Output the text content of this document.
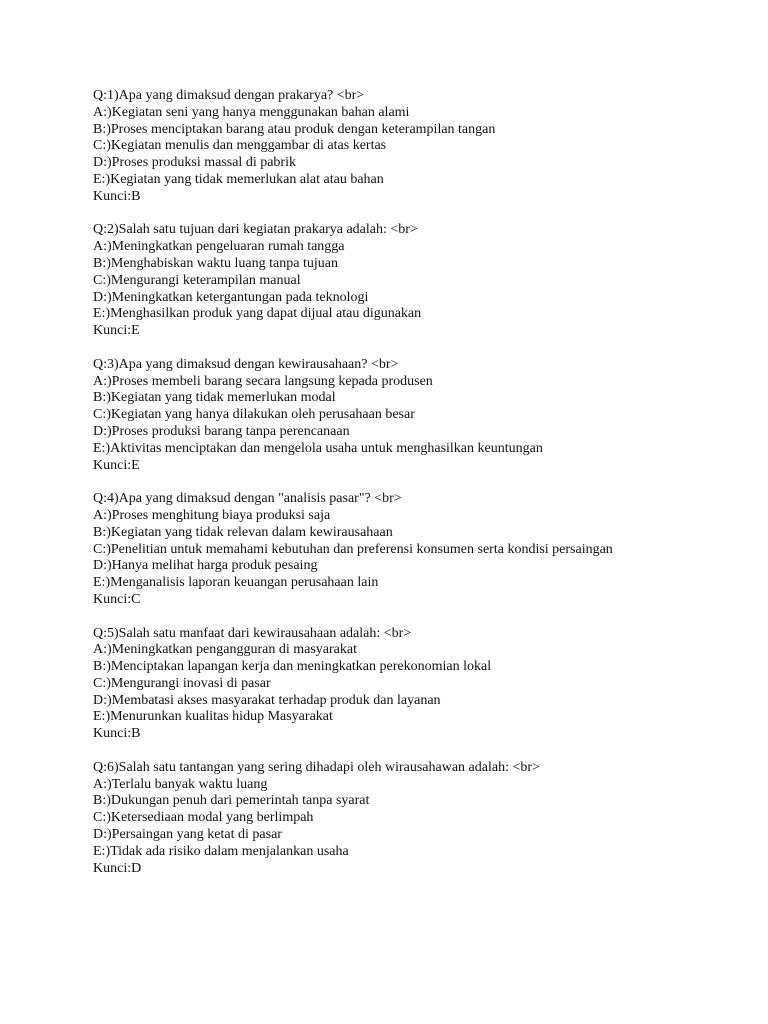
Q:1)Apa yang dimaksud dengan prakarya? <br>
A:)Kegiatan seni yang hanya menggunakan bahan alami
B:)Proses menciptakan barang atau produk dengan keterampilan tangan
C:)Kegiatan menulis dan menggambar di atas kertas
D:)Proses produksi massal di pabrik
E:)Kegiatan yang tidak memerlukan alat atau bahan
Kunci:B
Q:2)Salah satu tujuan dari kegiatan prakarya adalah: <br>
A:)Meningkatkan pengeluaran rumah tangga
B:)Menghabiskan waktu luang tanpa tujuan
C:)Mengurangi keterampilan manual
D:)Meningkatkan ketergantungan pada teknologi
E:)Menghasilkan produk yang dapat dijual atau digunakan
Kunci:E
Q:3)Apa yang dimaksud dengan kewirausahaan? <br>
A:)Proses membeli barang secara langsung kepada produsen
B:)Kegiatan yang tidak memerlukan modal
C:)Kegiatan yang hanya dilakukan oleh perusahaan besar
D:)Proses produksi barang tanpa perencanaan
E:)Aktivitas menciptakan dan mengelola usaha untuk menghasilkan keuntungan
Kunci:E
Q:4)Apa yang dimaksud dengan "analisis pasar"? <br>
A:)Proses menghitung biaya produksi saja
B:)Kegiatan yang tidak relevan dalam kewirausahaan
C:)Penelitian untuk memahami kebutuhan dan preferensi konsumen serta kondisi persaingan
D:)Hanya melihat harga produk pesaing
E:)Menganalisis laporan keuangan perusahaan lain
Kunci:C
Q:5)Salah satu manfaat dari kewirausahaan adalah: <br>
A:)Meningkatkan pengangguran di masyarakat
B:)Menciptakan lapangan kerja dan meningkatkan perekonomian lokal
C:)Mengurangi inovasi di pasar
D:)Membatasi akses masyarakat terhadap produk dan layanan
E:)Menurunkan kualitas hidup Masyarakat
Kunci:B
Q:6)Salah satu tantangan yang sering dihadapi oleh wirausahawan adalah: <br>
A:)Terlalu banyak waktu luang
B:)Dukungan penuh dari pemerintah tanpa syarat
C:)Ketersediaan modal yang berlimpah
D:)Persaingan yang ketat di pasar
E:)Tidak ada risiko dalam menjalankan usaha
Kunci:D
